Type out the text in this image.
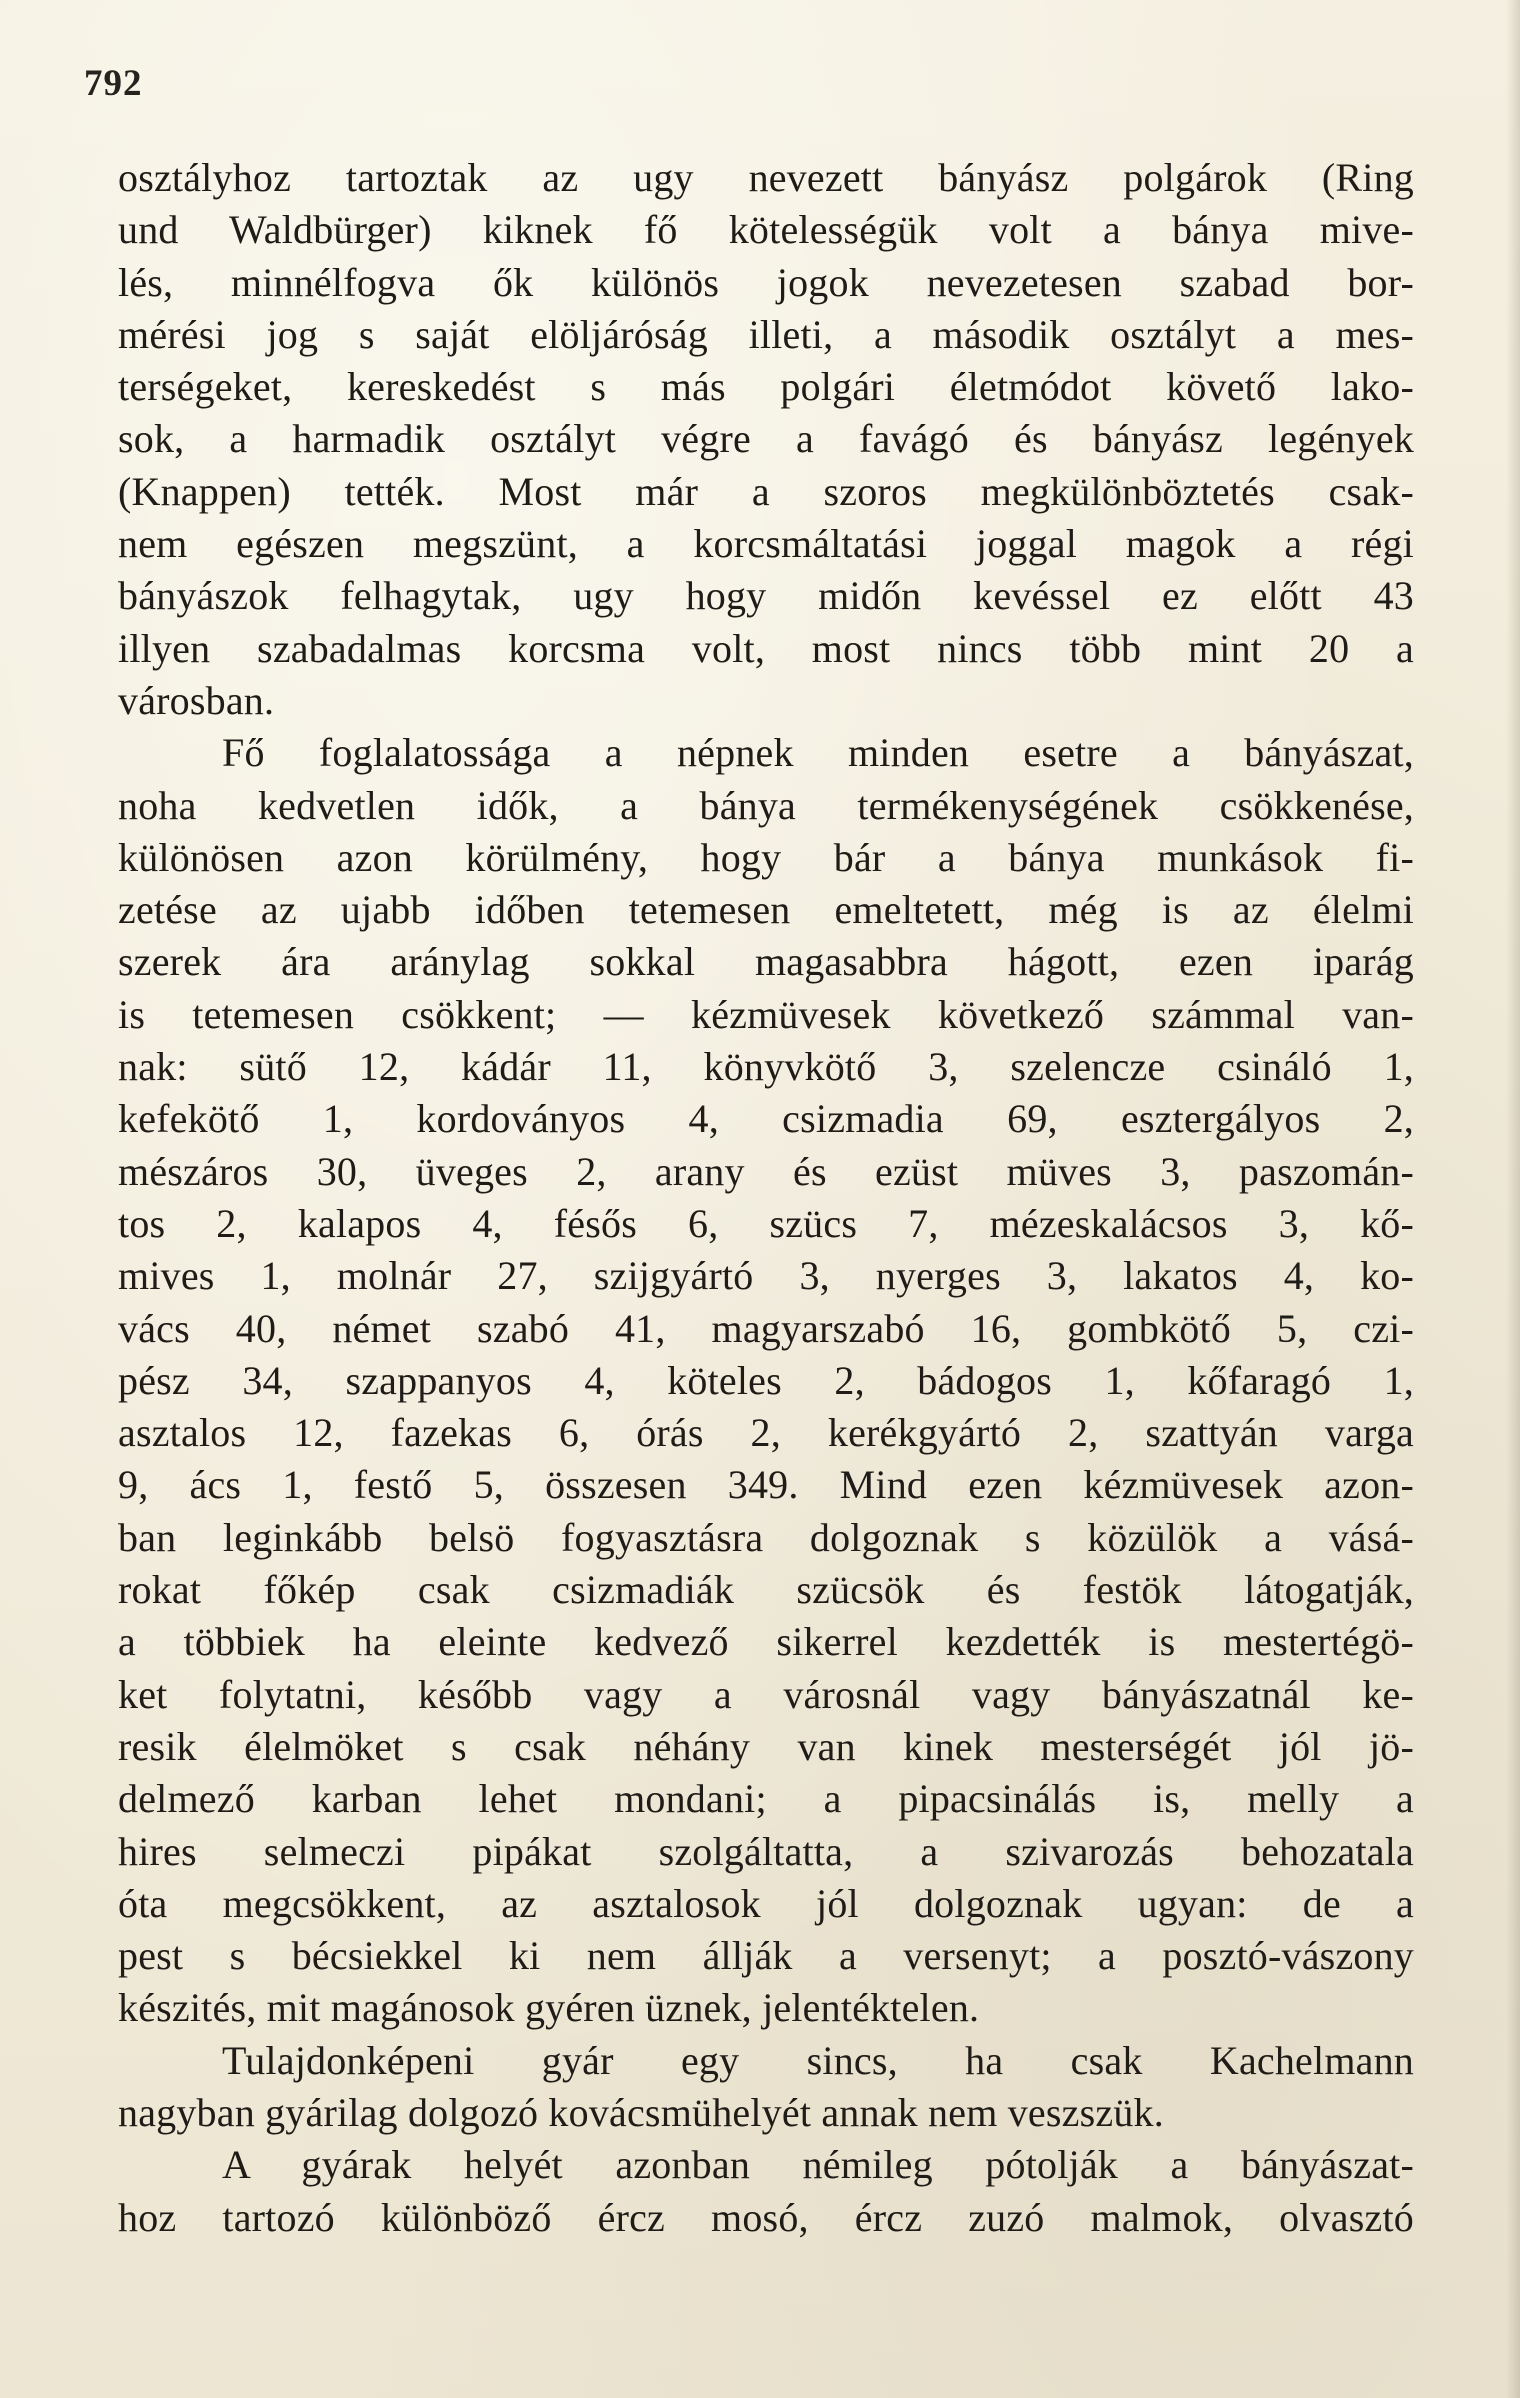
792
osztályhoz tartoztak az ugy nevezett bányász polgárok (Ring
und Waldbürger) kiknek fő kötelességük volt a bánya mive-
lés, minnélfogva ők különös jogok nevezetesen szabad bor-
mérési jog s saját elöljáróság illeti, a második osztályt a mes-
terségeket, kereskedést s más polgári életmódot követő lako-
sok, a harmadik osztályt végre a favágó és bányász legények
(Knappen) tették. Most már a szoros megkülönböztetés csak-
nem egészen megszünt, a korcsmáltatási joggal magok a régi
bányászok felhagytak, ugy hogy midőn kevéssel ez előtt 43
illyen szabadalmas korcsma volt, most nincs több mint 20 a
városban.
Fő foglalatossága a népnek minden esetre a bányászat,
noha kedvetlen idők, a bánya termékenységének csökkenése,
különösen azon körülmény, hogy bár a bánya munkások fi-
zetése az ujabb időben tetemesen emeltetett, még is az élelmi
szerek ára aránylag sokkal magasabbra hágott, ezen iparág
is tetemesen csökkent; — kézmüvesek következő számmal van-
nak: sütő 12, kádár 11, könyvkötő 3, szelencze csináló 1,
kefekötő 1, kordoványos 4, csizmadia 69, esztergályos 2,
mészáros 30, üveges 2, arany és ezüst müves 3, paszomán-
tos 2, kalapos 4, fésős 6, szücs 7, mézeskalácsos 3, kő-
mives 1, molnár 27, szijgyártó 3, nyerges 3, lakatos 4, ko-
vács 40, német szabó 41, magyarszabó 16, gombkötő 5, czi-
pész 34, szappanyos 4, köteles 2, bádogos 1, kőfaragó 1,
asztalos 12, fazekas 6, órás 2, kerékgyártó 2, szattyán varga
9, ács 1, festő 5, összesen 349. Mind ezen kézmüvesek azon-
ban leginkább belsö fogyasztásra dolgoznak s közülök a vásá-
rokat főkép csak csizmadiák szücsök és festök látogatják,
a többiek ha eleinte kedvező sikerrel kezdették is mestertégö-
ket folytatni, később vagy a városnál vagy bányászatnál ke-
resik élelmöket s csak néhány van kinek mesterségét jól jö-
delmező karban lehet mondani; a pipacsinálás is, melly a
hires selmeczi pipákat szolgáltatta, a szivarozás behozatala
óta megcsökkent, az asztalosok jól dolgoznak ugyan: de a
pest s bécsiekkel ki nem állják a versenyt; a posztó-vászony
készités, mit magánosok gyéren üznek, jelentéktelen.
Tulajdonképeni gyár egy sincs, ha csak Kachelmann
nagyban gyárilag dolgozó kovácsmühelyét annak nem veszszük.
A gyárak helyét azonban némileg pótolják a bányászat-
hoz tartozó különböző ércz mosó, ércz zuzó malmok, olvasztó
